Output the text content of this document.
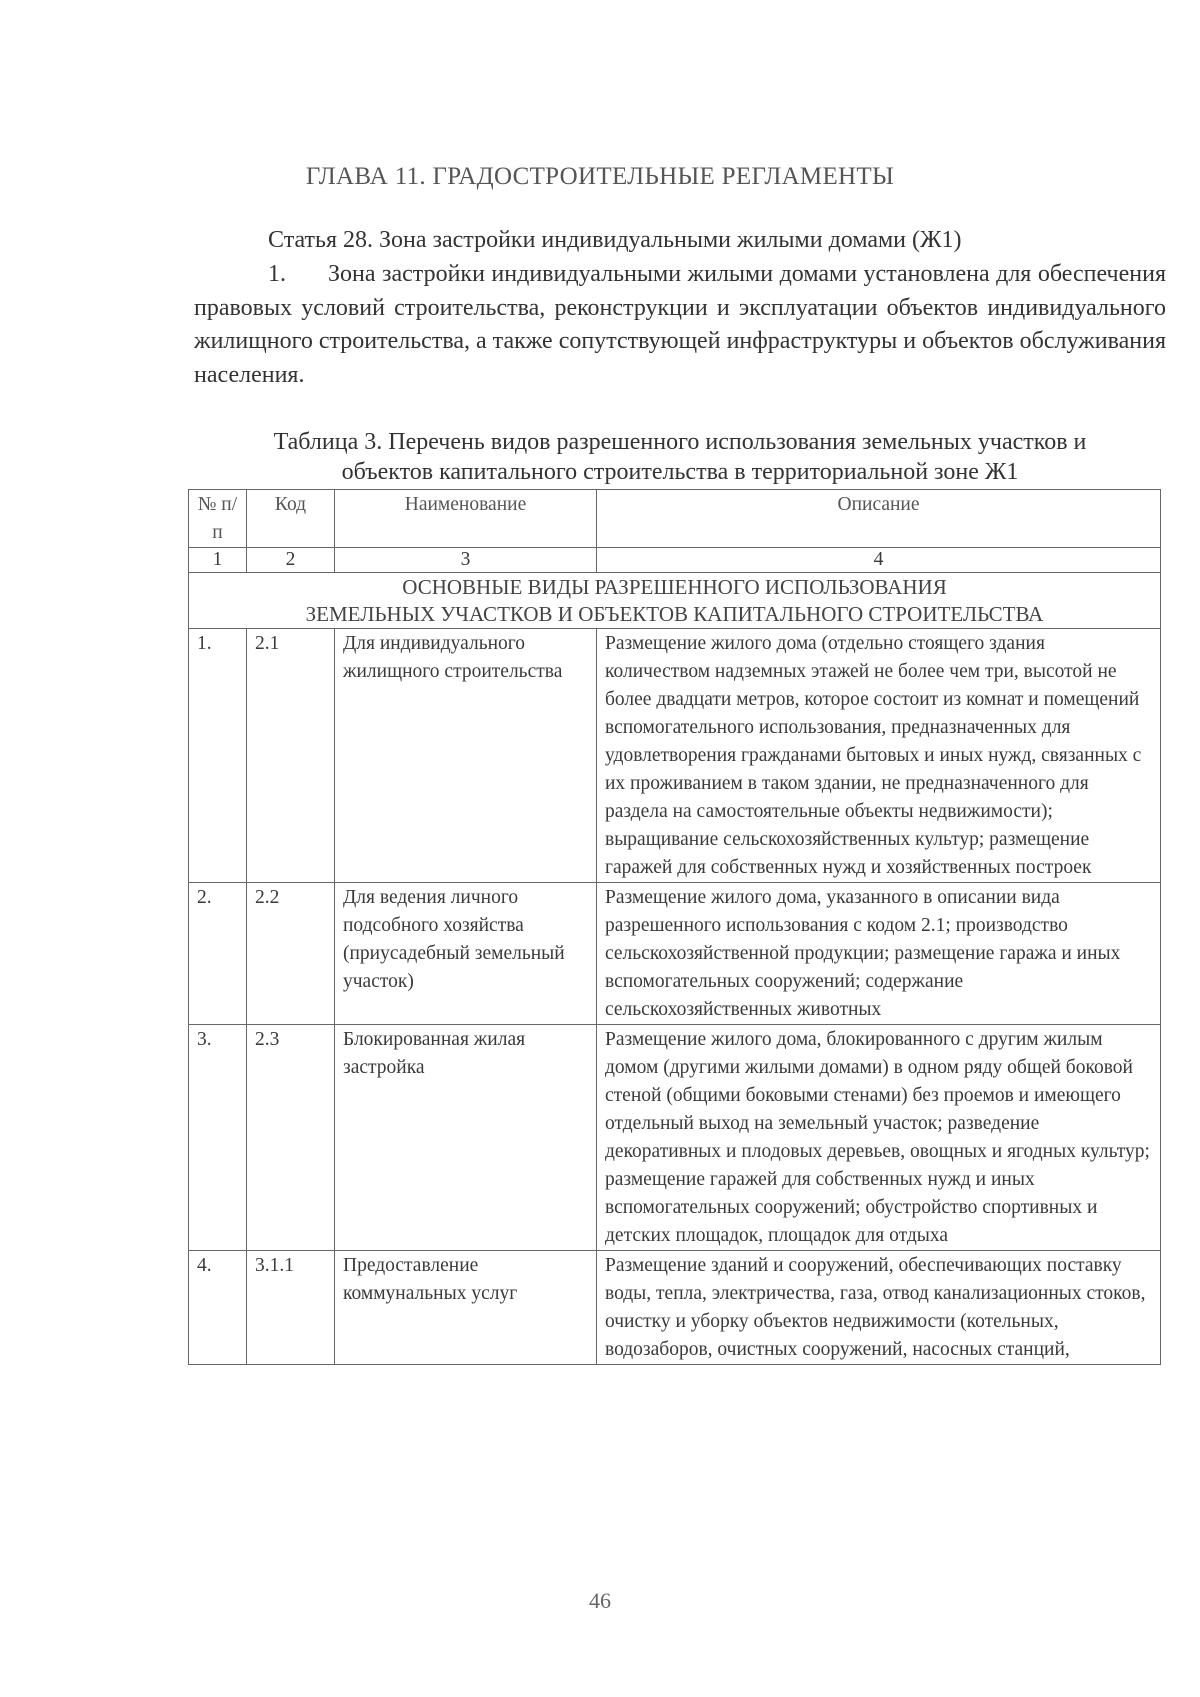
ГЛАВА 11. ГРАДОСТРОИТЕЛЬНЫЕ РЕГЛАМЕНТЫ
Статья 28. Зона застройки индивидуальными жилыми домами (Ж1)
1. Зона застройки индивидуальными жилыми домами установлена для обеспечения правовых условий строительства, реконструкции и эксплуатации объектов индивидуального жилищного строительства, а также сопутствующей инфраструктуры и объектов обслуживания населения.
Таблица 3. Перечень видов разрешенного использования земельных участков и
объектов капитального строительства в территориальной зоне Ж1
№ п/п	Код	Наименование	Описание
1	2	3	4

ОСНОВНЫЕ ВИДЫ РАЗРЕШЕННОГО ИСПОЛЬЗОВАНИЯ
ЗЕМЕЛЬНЫХ УЧАСТКОВ И ОБЪЕКТОВ КАПИТАЛЬНОГО СТРОИТЕЛЬСТВА			

1.	2.1	Для индивидуального жилищного строительства	Размещение жилого дома (отдельно стоящего здания количеством надземных этажей не более чем три, высотой не более двадцати метров, которое состоит из комнат и помещений вспомогательного использования, предназначенных для удовлетворения гражданами бытовых и иных нужд, связанных с их проживанием в таком здании, не предназначенного для раздела на самостоятельные объекты недвижимости); выращивание сельскохозяйственных культур; размещение гаражей для собственных нужд и хозяйственных построек
2.	2.2	Для ведения личного подсобного хозяйства (приусадебный земельный участок)	Размещение жилого дома, указанного в описании вида разрешенного использования с кодом 2.1; производство сельскохозяйственной продукции; размещение гаража и иных вспомогательных сооружений; содержание сельскохозяйственных животных
3.	2.3	Блокированная жилая застройка	Размещение жилого дома, блокированного с другим жилым домом (другими жилыми домами) в одном ряду общей боковой стеной (общими боковыми стенами) без проемов и имеющего отдельный выход на земельный участок; разведение декоративных и плодовых деревьев, овощных и ягодных культур; размещение гаражей для собственных нужд и иных вспомогательных сооружений; обустройство спортивных и детских площадок, площадок для отдыха
4.	3.1.1	Предоставление коммунальных услуг	Размещение зданий и сооружений, обеспечивающих поставку воды, тепла, электричества, газа, отвод канализационных стоков, очистку и уборку объектов недвижимости (котельных, водозаборов, очистных сооружений, насосных станций,
46
